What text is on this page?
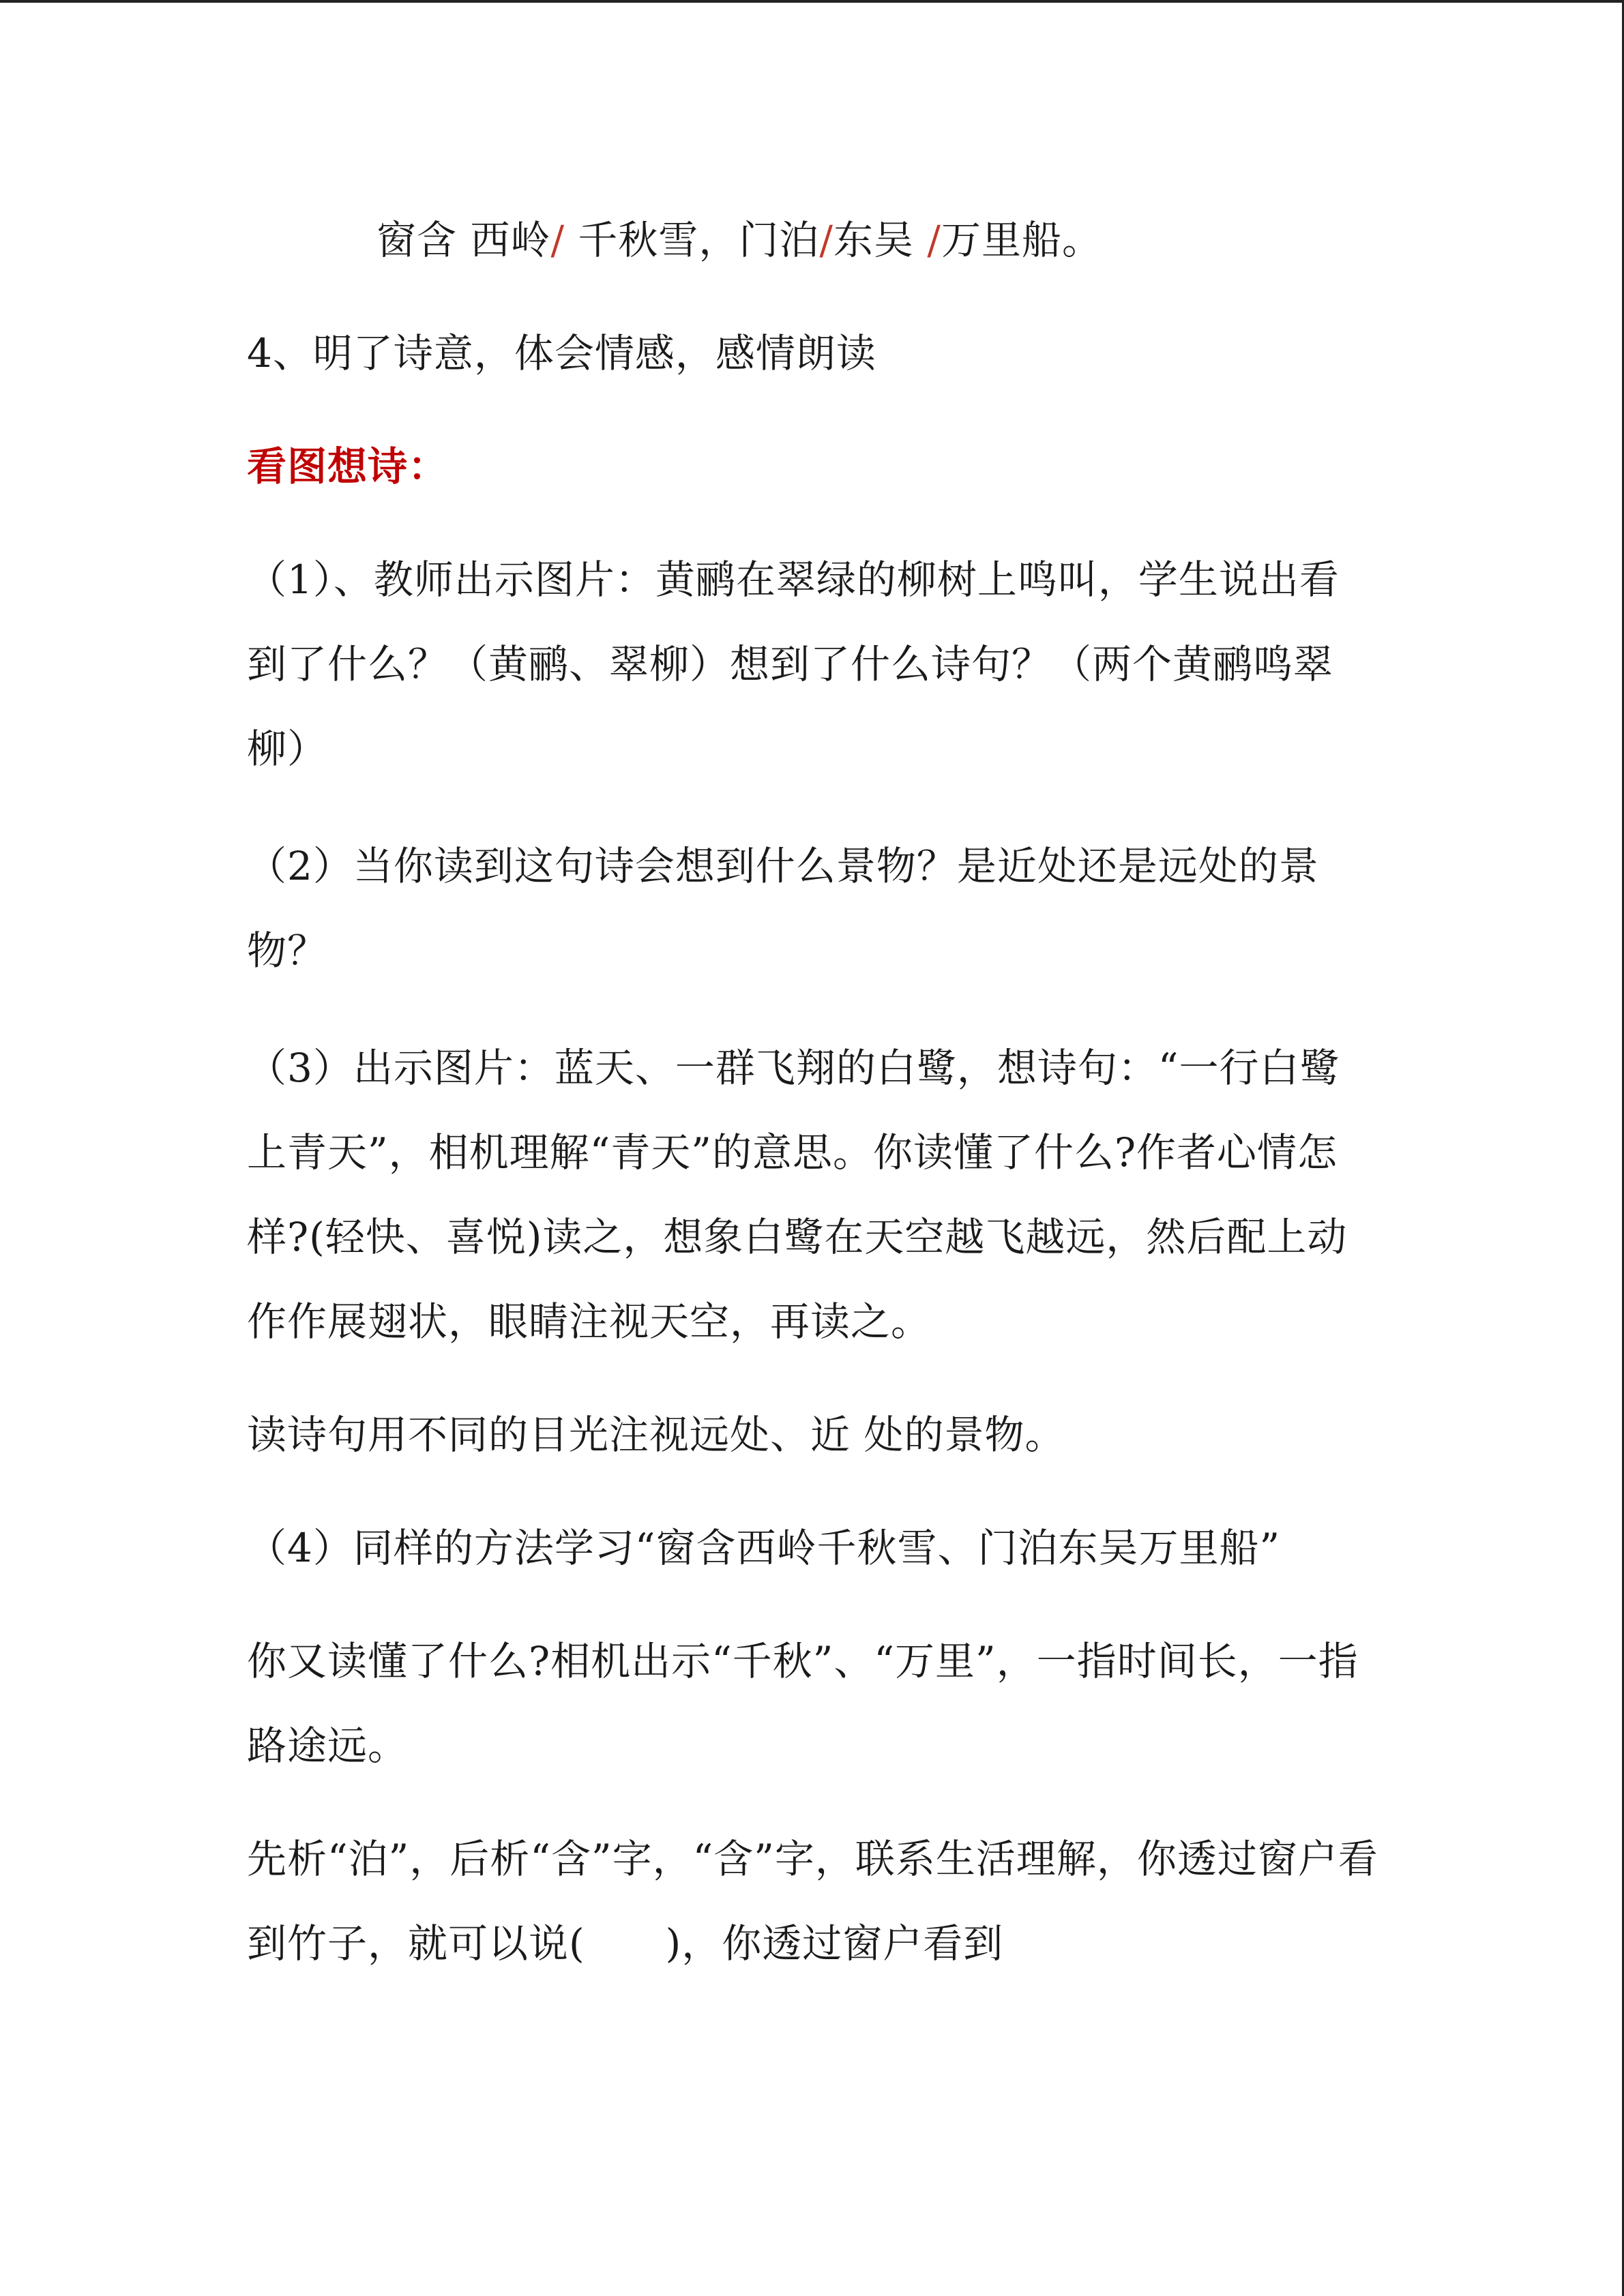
窗含 西岭/ 千秋雪，门泊/东吴 /万里船。
4、明了诗意，体会情感，感情朗读
看图想诗：
（1）、教师出示图片：黄鹂在翠绿的柳树上鸣叫，学生说出看到了什么？（黄鹂、翠柳）想到了什么诗句？（两个黄鹂鸣翠柳）
（2）当你读到这句诗会想到什么景物？是近处还是远处的景物？
（3）出示图片：蓝天、一群飞翔的白鹭，想诗句：“一行白鹭上青天”，相机理解“青天”的意思。你读懂了什么?作者心情怎样?(轻快、喜悦)读之，想象白鹭在天空越飞越远，然后配上动作作展翅状，眼睛注视天空，再读之。
读诗句用不同的目光注视远处、近 处的景物。
（4）同样的方法学习“窗含西岭千秋雪、门泊东吴万里船”
你又读懂了什么?相机出示“千秋”、“万里”，一指时间长，一指路途远。
先析“泊”，后析“含”字，“含”字，联系生活理解，你透过窗户看到竹子，就可以说(　　)，你透过窗户看到
